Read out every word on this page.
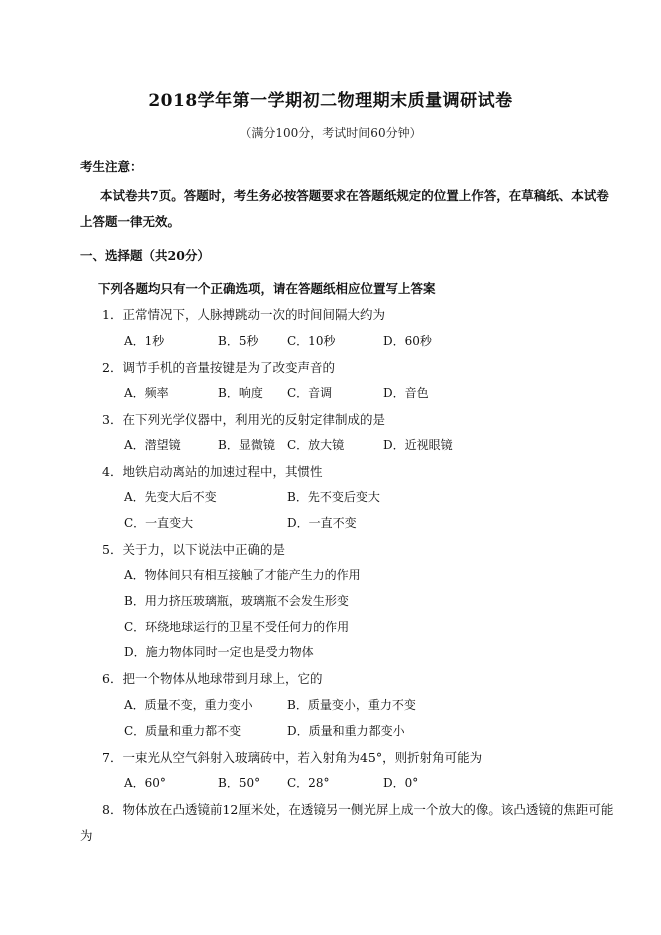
2018学年第一学期初二物理期末质量调研试卷
（满分100分，考试时间60分钟）
考生注意：
本试卷共7页。答题时，考生务必按答题要求在答题纸规定的位置上作答，在草稿纸、本试卷
上答题一律无效。
一、选择题（共20分）
下列各题均只有一个正确选项，请在答题纸相应位置写上答案
1．正常情况下，人脉搏跳动一次的时间间隔大约为
A．1秒	B．5秒 C．10秒	D．60秒
2．调节手机的音量按键是为了改变声音的
A．频率	B．响度 C．音调	D．音色
3．在下列光学仪器中，利用光的反射定律制成的是
A．潜望镜	B．显微镜 C．放大镜	D．近视眼镜
4．地铁启动离站的加速过程中，其惯性
A．先变大后不变	B．先不变后变大
C．一直变大	D．一直不变
5．关于力，以下说法中正确的是
A．物体间只有相互接触了才能产生力的作用
B．用力挤压玻璃瓶，玻璃瓶不会发生形变
C．环绕地球运行的卫星不受任何力的作用
D．施力物体同时一定也是受力物体
6．把一个物体从地球带到月球上，它的
A．质量不变，重力变小	B．质量变小，重力不变
C．质量和重力都不变	D．质量和重力都变小
7．一束光从空气斜射入玻璃砖中，若入射角为45°，则折射角可能为
A．60°	B．50° C．28°	D．0°
8．物体放在凸透镜前12厘米处，在透镜另一侧光屏上成一个放大的像。该凸透镜的焦距可能
为
